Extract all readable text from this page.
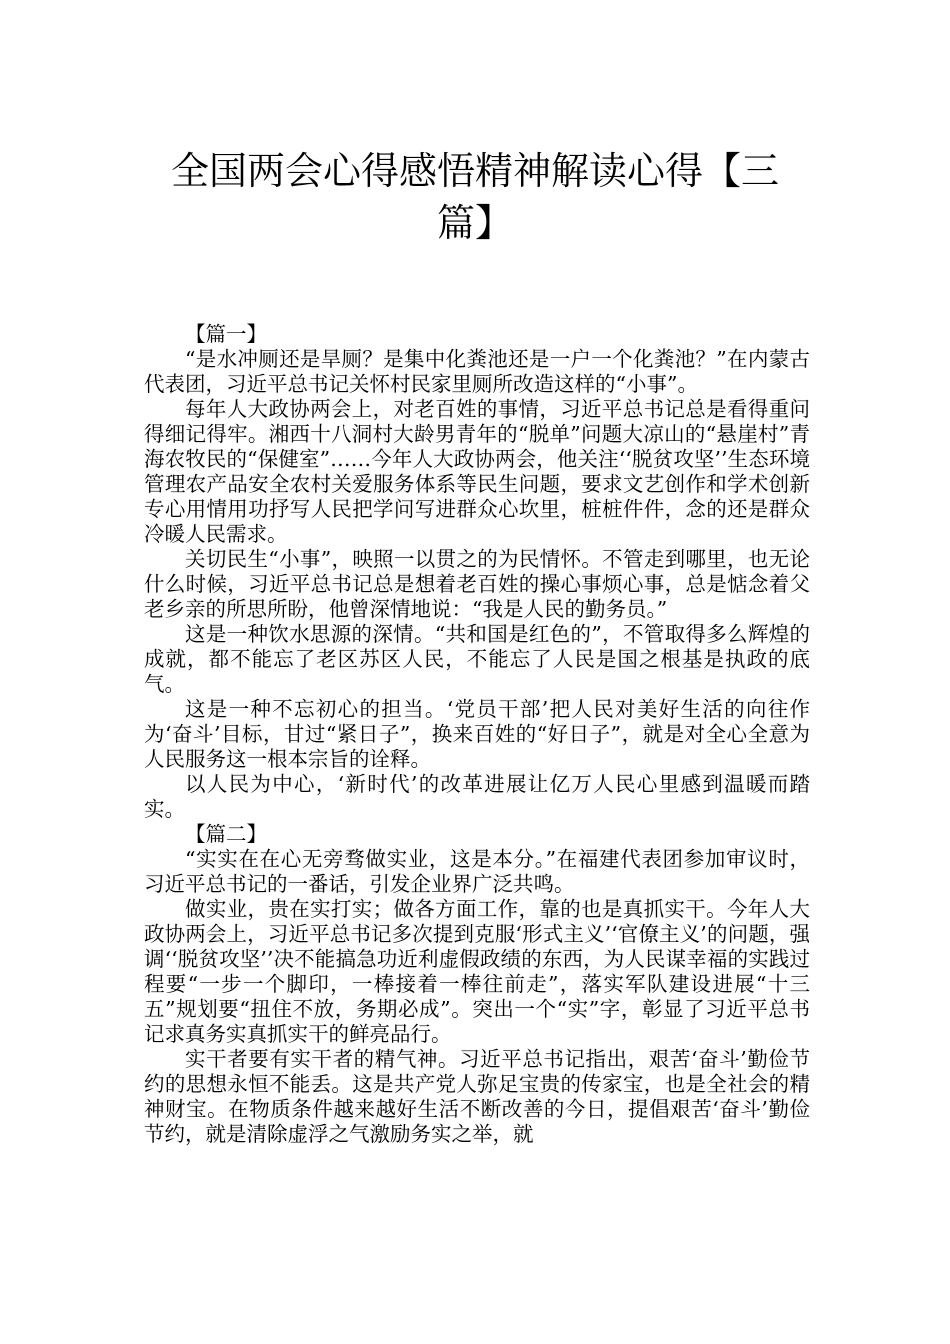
全国两会心得感悟精神解读心得【三篇】

【篇一】

“是水冲厕还是旱厕？是集中化粪池还是一户一个化粪池？”在内蒙古代表团，习近平总书记关怀村民家里厕所改造这样的“小事”。

每年人大政协两会上，对老百姓的事情，习近平总书记总是看得重问得细记得牢。湘西十八洞村大龄男青年的“脱单”问题大凉山的“悬崖村”青海农牧民的“保健室”……今年人大政协两会，他关注‘‘脱贫攻坚’’生态环境管理农产品安全农村关爱服务体系等民生问题，要求文艺创作和学术创新专心用情用功抒写人民把学问写进群众心坎里，桩桩件件，念的还是群众冷暖人民需求。

关切民生“小事”，映照一以贯之的为民情怀。不管走到哪里，也无论什么时候，习近平总书记总是想着老百姓的操心事烦心事，总是惦念着父老乡亲的所思所盼，他曾深情地说：“我是人民的勤务员。”

这是一种饮水思源的深情。“共和国是红色的”，不管取得多么辉煌的成就，都不能忘了老区苏区人民，不能忘了人民是国之根基是执政的底气。

这是一种不忘初心的担当。‘党员干部’把人民对美好生活的向往作为‘奋斗’目标，甘过“紧日子”，换来百姓的“好日子”，就是对全心全意为人民服务这一根本宗旨的诠释。

以人民为中心，‘新时代’的改革进展让亿万人民心里感到温暖而踏实。

【篇二】

“实实在在心无旁骛做实业，这是本分。”在福建代表团参加审议时，习近平总书记的一番话，引发企业界广泛共鸣。

做实业，贵在实打实；做各方面工作，靠的也是真抓实干。今年人大政协两会上，习近平总书记多次提到克服‘形式主义’‘官僚主义’的问题，强调‘‘脱贫攻坚’’决不能搞急功近利虚假政绩的东西，为人民谋幸福的实践过程要“一步一个脚印，一棒接着一棒往前走”，落实军队建设进展“十三五”规划要“扭住不放，务期必成”。突出一个“实”字，彰显了习近平总书记求真务实真抓实干的鲜亮品行。

实干者要有实干者的精气神。习近平总书记指出，艰苦‘奋斗’勤俭节约的思想永恒不能丢。这是共产党人弥足宝贵的传家宝，也是全社会的精神财宝。在物质条件越来越好生活不断改善的今日，提倡艰苦‘奋斗’勤俭节约，就是清除虚浮之气激励务实之举，就
